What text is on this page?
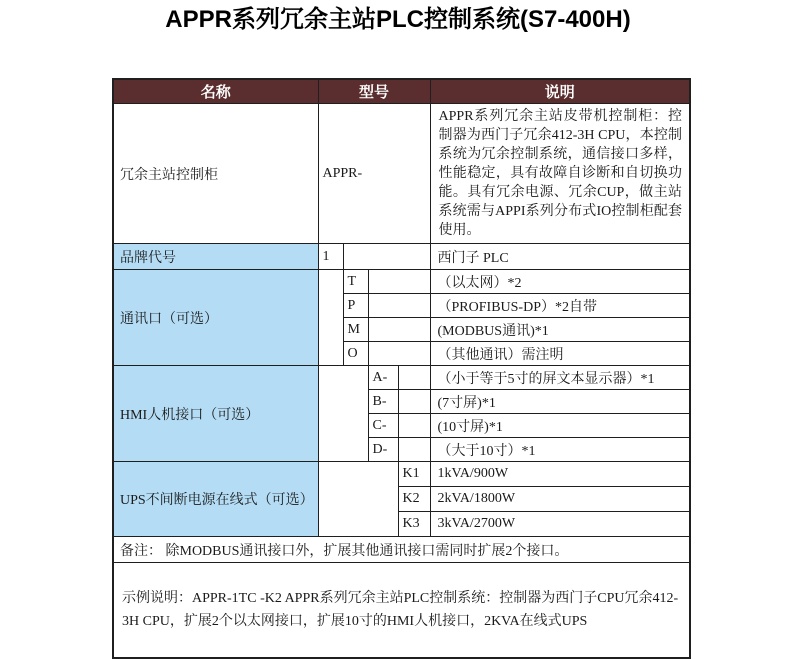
APPR系列冗余主站PLC控制系统(S7-400H)
名称	型号				说明
冗余主站控制柜	APPR-				APPR系列冗余主站皮带机控制柜：控制器为西门子冗余412-3H CPU，本控制系统为冗余控制系统，通信接口多样，性能稳定，具有故障自诊断和自切换功能。具有冗余电源、冗余CUP，做主站系统需与APPI系列分布式IO控制柜配套使用。
品牌代号	1				西门子 PLC
通讯口（可选）		T			（以太网）*2
		P			（PROFIBUS-DP）*2自带
		M			(MODBUS通讯)*1
		O			（其他通讯）需注明
HMI人机接口（可选）			A-		（小于等于5寸的屏文本显示器）*1
			B-		(7寸屏)*1
			C-		(10寸屏)*1
			D-		（大于10寸）*1
UPS不间断电源在线式（可选）				K1	1kVA/900W
				K2	2kVA/1800W
				K3	3kVA/2700W
备注： 除MODBUS通讯接口外，扩展其他通讯接口需同时扩展2个接口。					
示例说明：APPR-1TC -K2 APPR系列冗余主站PLC控制系统：控制器为西门子CPU冗余412-3H CPU，扩展2个以太网接口，扩展10寸的HMI人机接口，2KVA在线式UPS					
